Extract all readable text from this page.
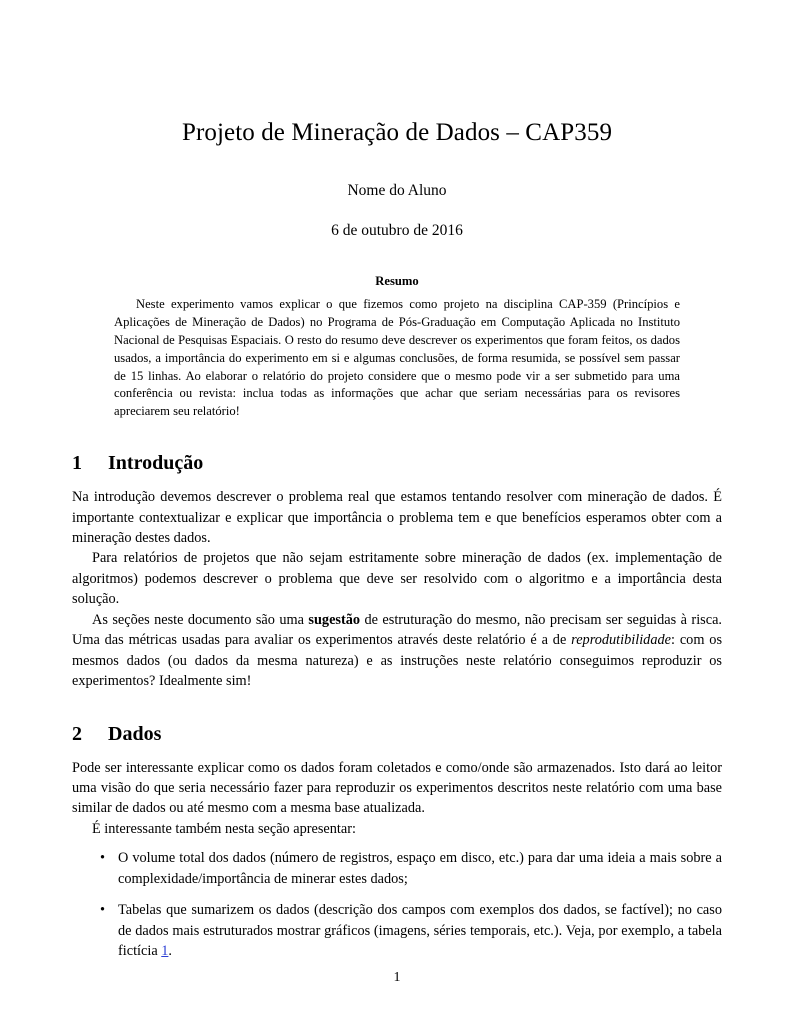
Projeto de Mineração de Dados – CAP359
Nome do Aluno
6 de outubro de 2016
Resumo

Neste experimento vamos explicar o que fizemos como projeto na disciplina CAP-359 (Princípios e Aplicações de Mineração de Dados) no Programa de Pós-Graduação em Computação Aplicada no Instituto Nacional de Pesquisas Espaciais. O resto do resumo deve descrever os experimentos que foram feitos, os dados usados, a importância do experimento em si e algumas conclusões, de forma resumida, se possível sem passar de 15 linhas. Ao elaborar o relatório do projeto considere que o mesmo pode vir a ser submetido para uma conferência ou revista: inclua todas as informações que achar que seriam necessárias para os revisores apreciarem seu relatório!

1 Introdução

Na introdução devemos descrever o problema real que estamos tentando resolver com mineração de dados. É importante contextualizar e explicar que importância o problema tem e que benefícios esperamos obter com a mineração destes dados.

Para relatórios de projetos que não sejam estritamente sobre mineração de dados (ex. implementação de algoritmos) podemos descrever o problema que deve ser resolvido com o algoritmo e a importância desta solução.

As seções neste documento são uma sugestão de estruturação do mesmo, não precisam ser seguidas à risca. Uma das métricas usadas para avaliar os experimentos através deste relatório é a de reprodutibilidade: com os mesmos dados (ou dados da mesma natureza) e as instruções neste relatório conseguimos reproduzir os experimentos? Idealmente sim!

2 Dados

Pode ser interessante explicar como os dados foram coletados e como/onde são armazenados. Isto dará ao leitor uma visão do que seria necessário fazer para reproduzir os experimentos descritos neste relatório com uma base similar de dados ou até mesmo com a mesma base atualizada.

É interessante também nesta seção apresentar:

• O volume total dos dados (número de registros, espaço em disco, etc.) para dar uma ideia a mais sobre a complexidade/importância de minerar estes dados;
• Tabelas que sumarizem os dados (descrição dos campos com exemplos dos dados, se factível); no caso de dados mais estruturados mostrar gráficos (imagens, séries temporais, etc.). Veja, por exemplo, a tabela fictícia 1.
1
